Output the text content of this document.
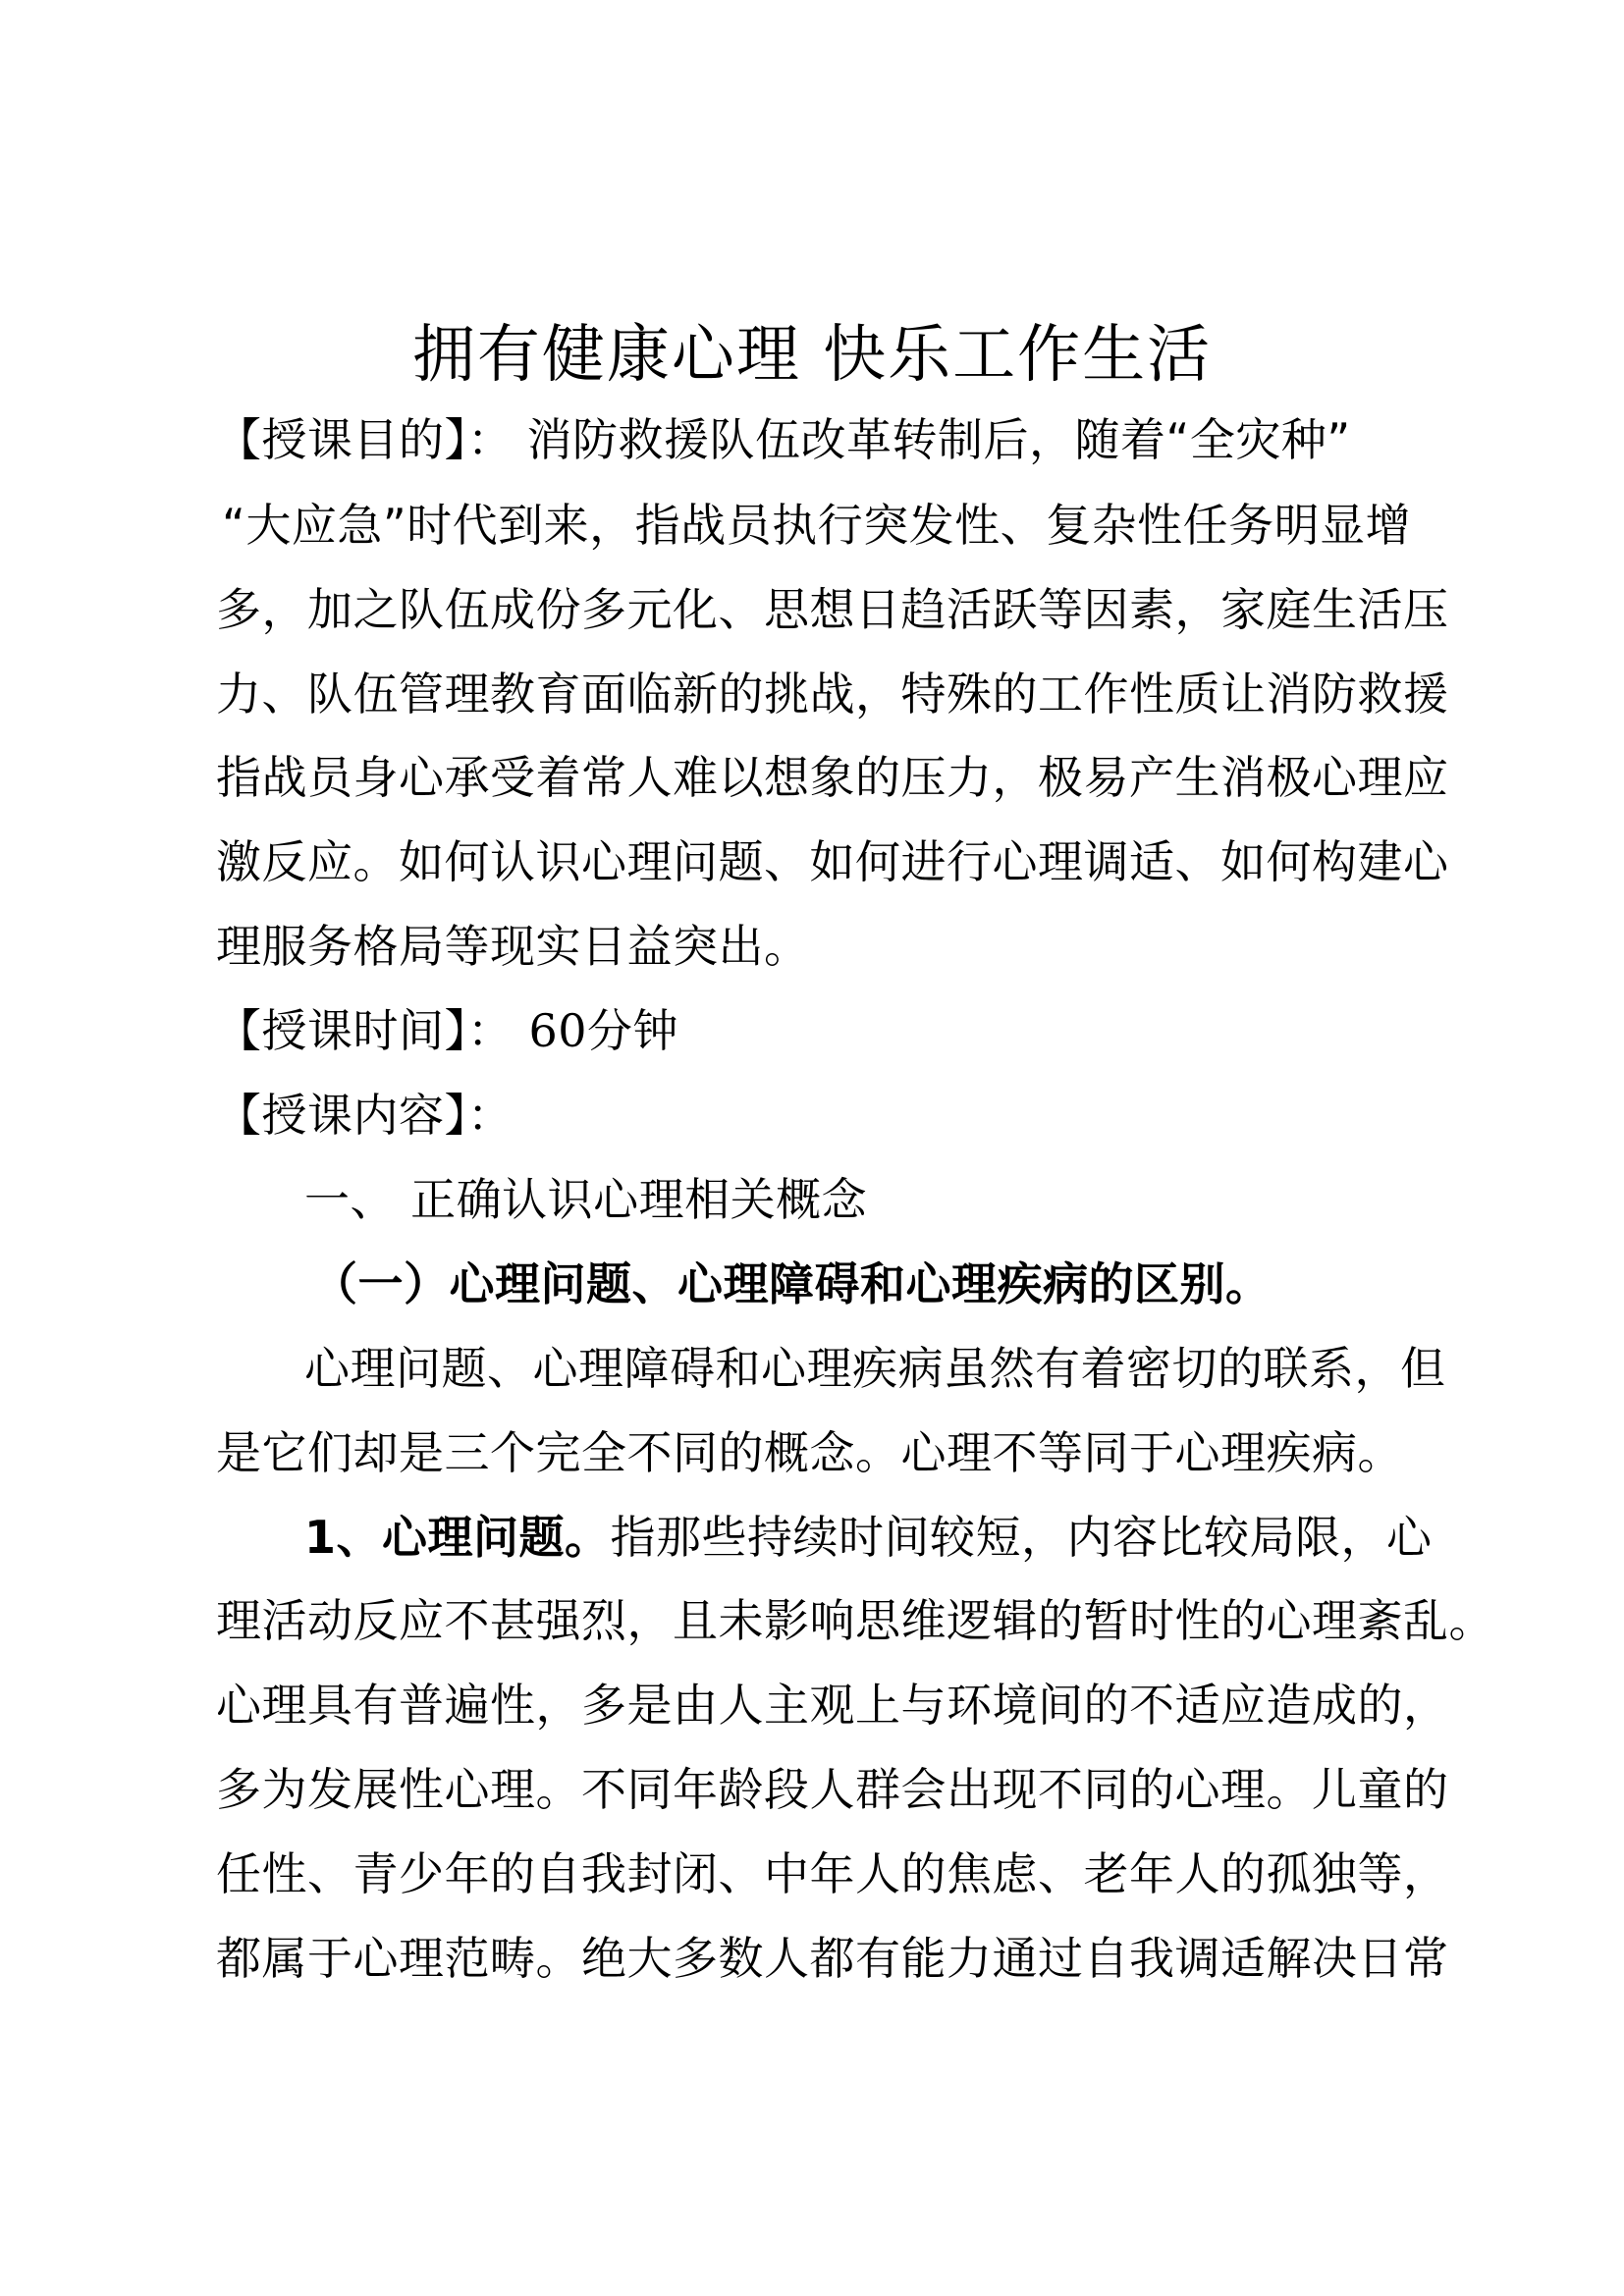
拥有健康心理 快乐工作生活

【授课目的】： 消防救援队伍改革转制后，随着“全灾种”

“大应急”时代到来，指战员执行突发性、复杂性任务明显增

多，加之队伍成份多元化、思想日趋活跃等因素，家庭生活压

力、队伍管理教育面临新的挑战，特殊的工作性质让消防救援

指战员身心承受着常人难以想象的压力，极易产生消极心理应

激反应。如何认识心理问题、如何进行心理调适、如何构建心

理服务格局等现实日益突出。

【授课时间】： 60分钟

【授课内容】：

一、 正确认识心理相关概念

（一）心理问题、心理障碍和心理疾病的区别。

心理问题、心理障碍和心理疾病虽然有着密切的联系，但

是它们却是三个完全不同的概念。心理不等同于心理疾病。

1、心理问题。指那些持续时间较短，内容比较局限，心

理活动反应不甚强烈，且未影响思维逻辑的暂时性的心理紊乱。

心理具有普遍性，多是由人主观上与环境间的不适应造成的，

多为发展性心理。不同年龄段人群会出现不同的心理。儿童的

任性、青少年的自我封闭、中年人的焦虑、老年人的孤独等，

都属于心理范畴。绝大多数人都有能力通过自我调适解决日常
